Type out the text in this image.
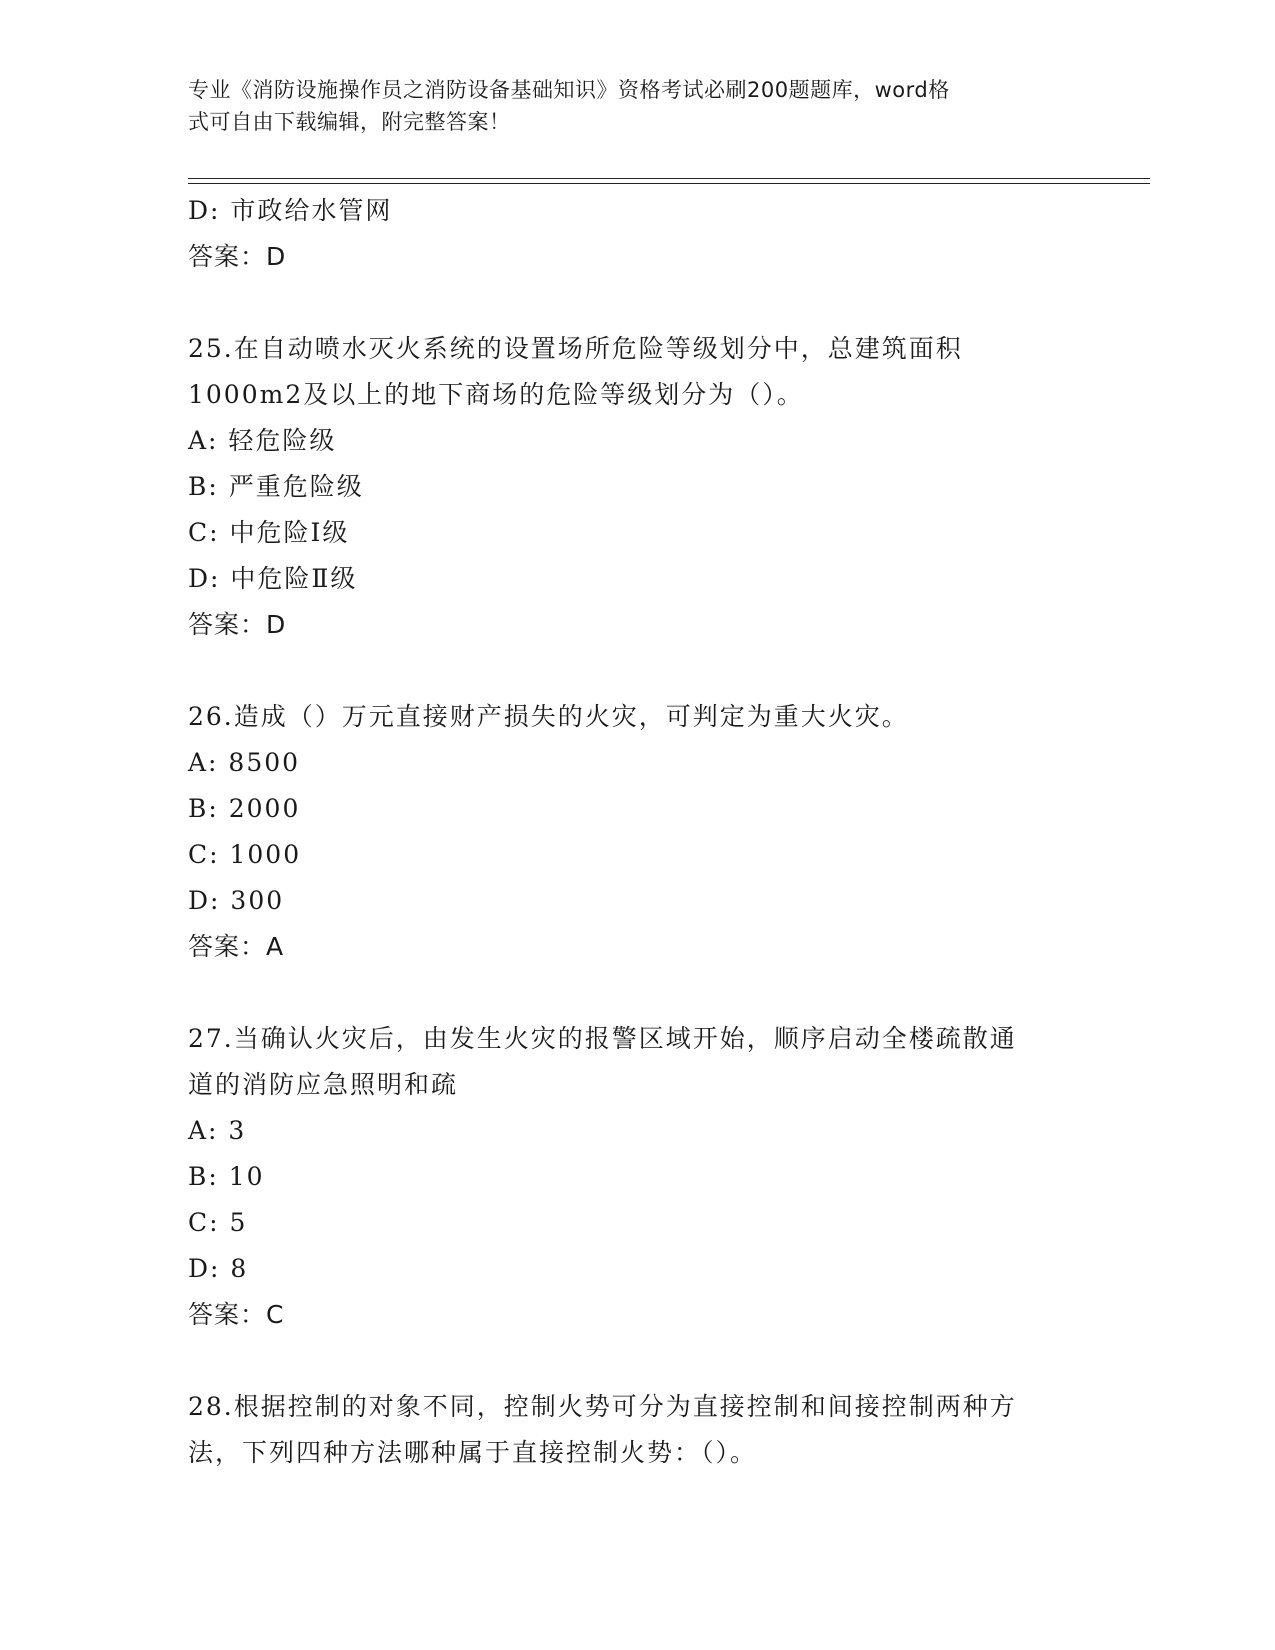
专业《消防设施操作员之消防设备基础知识》资格考试必刷200题题库，word格
式可自由下载编辑，附完整答案！
D: 市政给水管网
答案：D
25.在自动喷水灭火系统的设置场所危险等级划分中，总建筑面积
1000m2及以上的地下商场的危险等级划分为（）。
A: 轻危险级
B: 严重危险级
C: 中危险Ⅰ级
D: 中危险Ⅱ级
答案：D
26.造成（）万元直接财产损失的火灾，可判定为重大火灾。
A: 8500
B: 2000
C: 1000
D: 300
答案：A
27.当确认火灾后，由发生火灾的报警区域开始，顺序启动全楼疏散通
道的消防应急照明和疏
A: 3
B: 10
C: 5
D: 8
答案：C
28.根据控制的对象不同，控制火势可分为直接控制和间接控制两种方
法，下列四种方法哪种属于直接控制火势：（）。
